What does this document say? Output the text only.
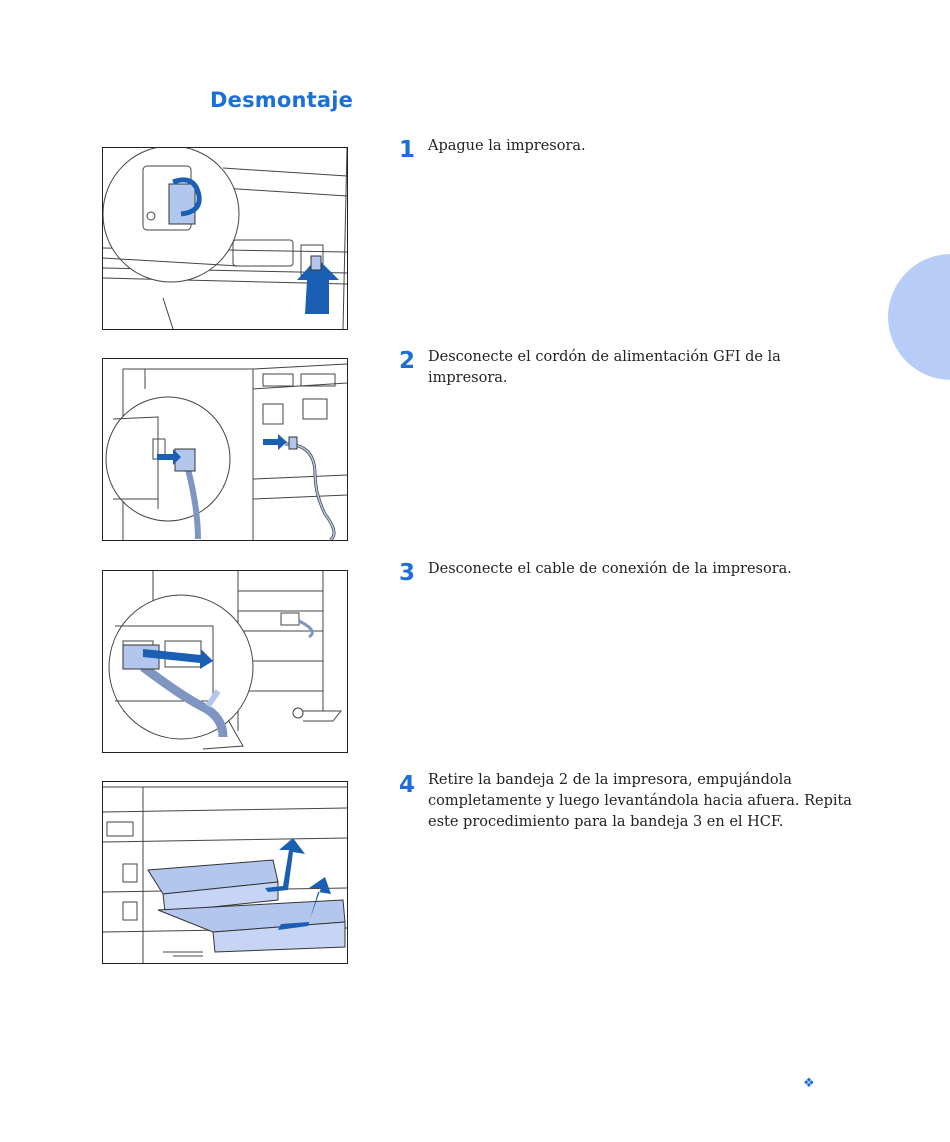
Desmontaje
1 Apague la impresora.
2 Desconecte el cordón de alimentación GFI de la impresora.
3 Desconecte el cable de conexión de la impresora.
4 Retire la bandeja 2 de la impresora, empujándola completamente y luego levantándola hacia afuera. Repita este procedimiento para la bandeja 3 en el HCF.
❖
